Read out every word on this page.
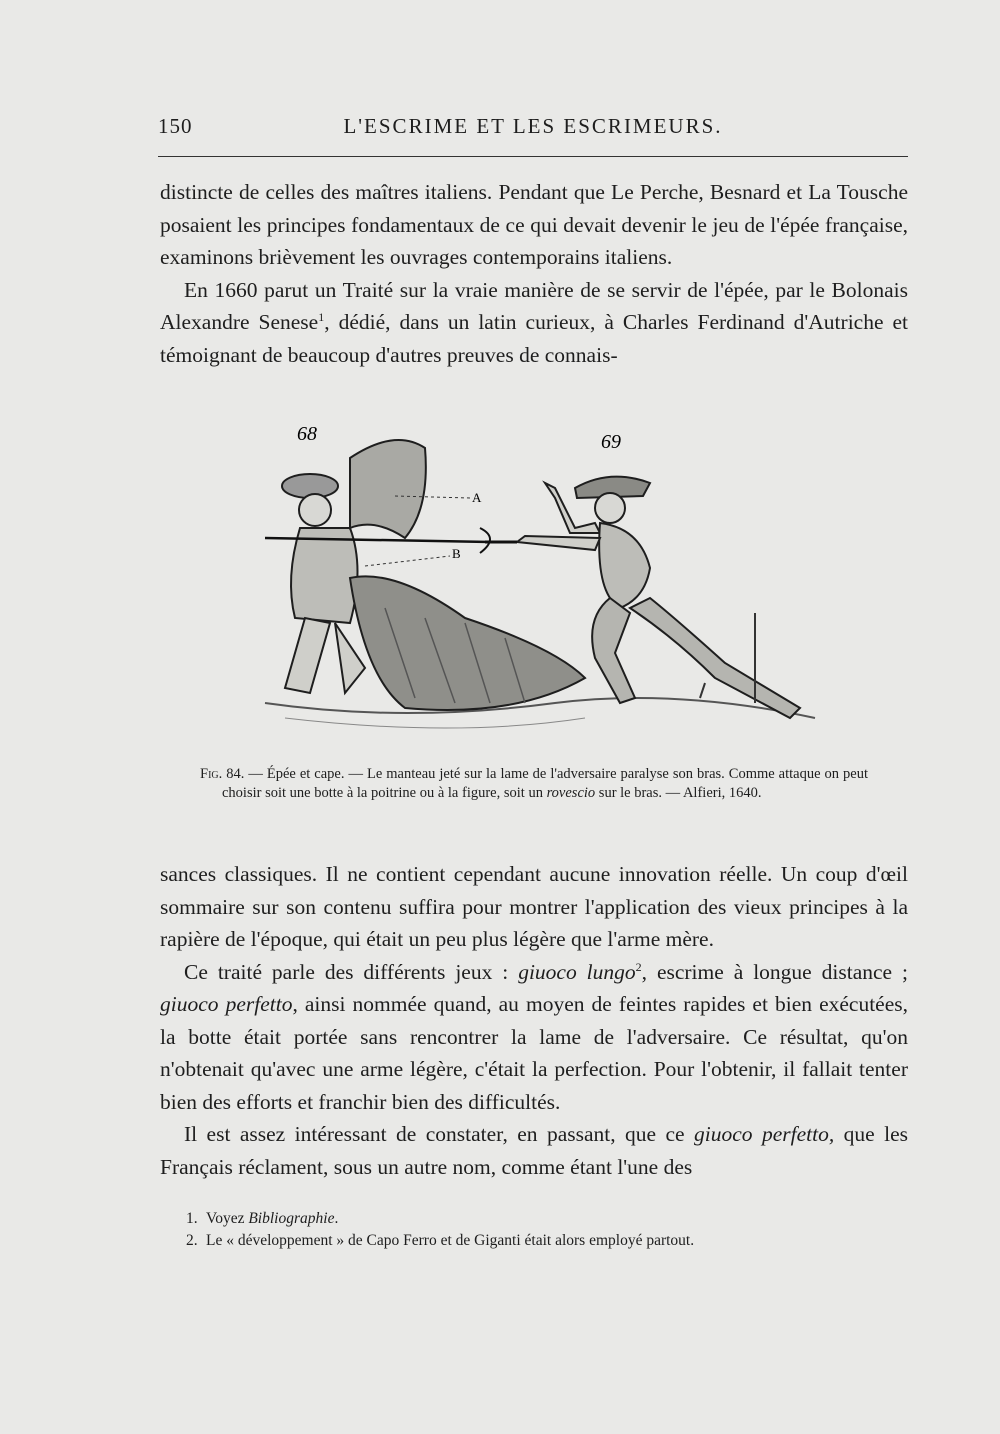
150	L'ESCRIME ET LES ESCRIMEURS.

distincte de celles des maîtres italiens. Pendant que Le Perche, Besnard et La Tousche posaient les principes fondamentaux de ce qui devait devenir le jeu de l'épée française, examinons brièvement les ouvrages contemporains italiens.

En 1660 parut un Traité sur la vraie manière de se servir de l'épée, par le Bolonais Alexandre Senese$^1$, dédié, dans un latin curieux, à Charles Ferdinand d'Autriche et témoignant de beaucoup d'autres preuves de connais-

68	69
A
B

Fig. 84. — Épée et cape. — Le manteau jeté sur la lame de l'adversaire paralyse son bras. Comme attaque on peut choisir soit une botte à la poitrine ou à la figure, soit un rovescio sur le bras. — Alfieri, 1640.

sances classiques. Il ne contient cependant aucune innovation réelle. Un coup d'œil sommaire sur son contenu suffira pour montrer l'application des vieux principes à la rapière de l'époque, qui était un peu plus légère que l'arme mère.

Ce traité parle des différents jeux : giuoco lungo$^2$, escrime à longue distance ; giuoco perfetto, ainsi nommée quand, au moyen de feintes rapides et bien exécutées, la botte était portée sans rencontrer la lame de l'adversaire. Ce résultat, qu'on n'obtenait qu'avec une arme légère, c'était la perfection. Pour l'obtenir, il fallait tenter bien des efforts et franchir bien des difficultés.

Il est assez intéressant de constater, en passant, que ce giuoco perfetto, que les Français réclament, sous un autre nom, comme étant l'une des

1. Voyez Bibliographie.

2. Le « développement » de Capo Ferro et de Giganti était alors employé partout.
